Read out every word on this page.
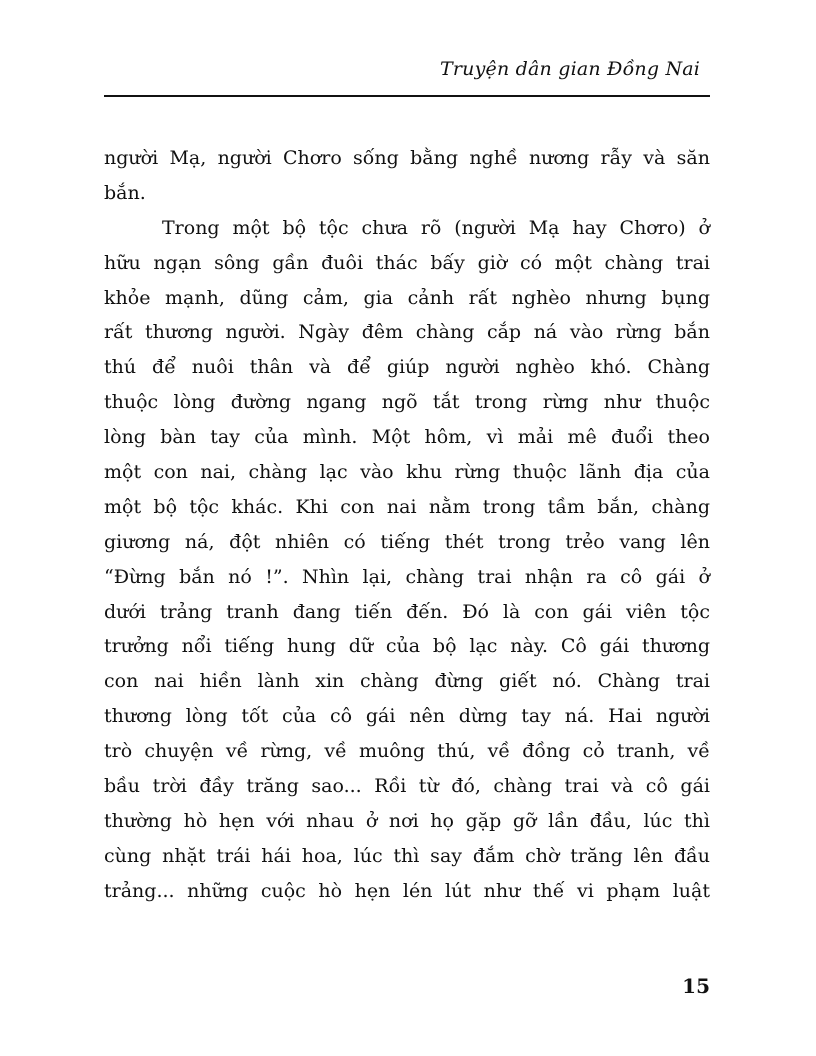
Truyện dân gian Đồng Nai
người Mạ, người Chơro sống bằng nghề nương rẫy và săn
bắn.
Trong một bộ tộc chưa rõ (người Mạ hay Chơro) ở
hữu ngạn sông gần đuôi thác bấy giờ có một chàng trai
khỏe mạnh, dũng cảm, gia cảnh rất nghèo nhưng bụng
rất thương người. Ngày đêm chàng cắp ná vào rừng bắn
thú để nuôi thân và để giúp người nghèo khó. Chàng
thuộc lòng đường ngang ngõ tắt trong rừng như thuộc
lòng bàn tay của mình. Một hôm, vì mải mê đuổi theo
một con nai, chàng lạc vào khu rừng thuộc lãnh địa của
một bộ tộc khác. Khi con nai nằm trong tầm bắn, chàng
giương ná, đột nhiên có tiếng thét trong trẻo vang lên
“Đừng bắn nó !”. Nhìn lại, chàng trai nhận ra cô gái ở
dưới trảng tranh đang tiến đến. Đó là con gái viên tộc
trưởng nổi tiếng hung dữ của bộ lạc này. Cô gái thương
con nai hiền lành xin chàng đừng giết nó. Chàng trai
thương lòng tốt của cô gái nên dừng tay ná. Hai người
trò chuyện về rừng, về muông thú, về đồng cỏ tranh, về
bầu trời đầy trăng sao... Rồi từ đó, chàng trai và cô gái
thường hò hẹn với nhau ở nơi họ gặp gỡ lần đầu, lúc thì
cùng nhặt trái hái hoa, lúc thì say đắm chờ trăng lên đầu
trảng... những cuộc hò hẹn lén lút như thế vi phạm luật
15
